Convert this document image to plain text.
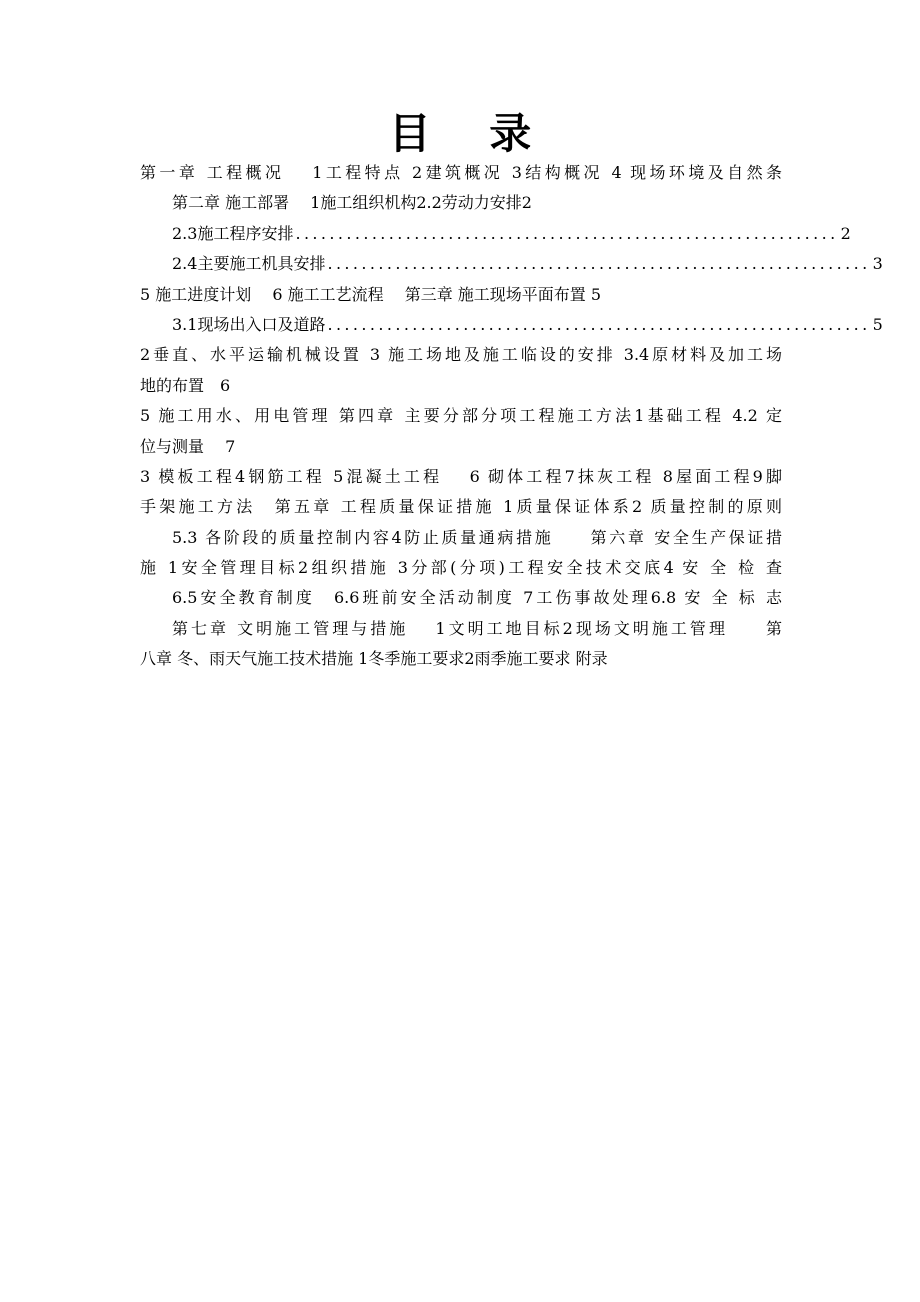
目 录
第一章 工程概况　 1工程特点 2建筑概况 3结构概况 4 现场环境及自然条
第二章 施工部署　 1施工组织机构2.2劳动力安排2
2.3施工程序安排 ................................................................ 2
2.4主要施工机具安排 ................................................................ 3
5 施工进度计划　 6 施工工艺流程　 第三章 施工现场平面布置 5
3.1现场出入口及道路 ................................................................ 5
2垂直、水平运输机械设置 3 施工场地及施工临设的安排 3.4原材料及加工场
地的布置　6
5 施工用水、用电管理 第四章 主要分部分项工程施工方法1基础工程 4.2 定
位与测量　 7
3 模板工程4钢筋工程 5混凝土工程　 6 砌体工程7抹灰工程 8屋面工程9脚
手架施工方法　第五章 工程质量保证措施 1质量保证体系2 质量控制的原则
5.3 各阶段的质量控制内容4防止质量通病措施　　第六章 安全生产保证措
施 1安全管理目标2组织措施 3分部(分项)工程安全技术交底4 安 全 检 查
6.5安全教育制度　6.6班前安全活动制度 7工伤事故处理6.8 安 全 标 志
第七章 文明施工管理与措施　 1文明工地目标2现场文明施工管理　　第
八章 冬、雨天气施工技术措施 1冬季施工要求2雨季施工要求 附录
